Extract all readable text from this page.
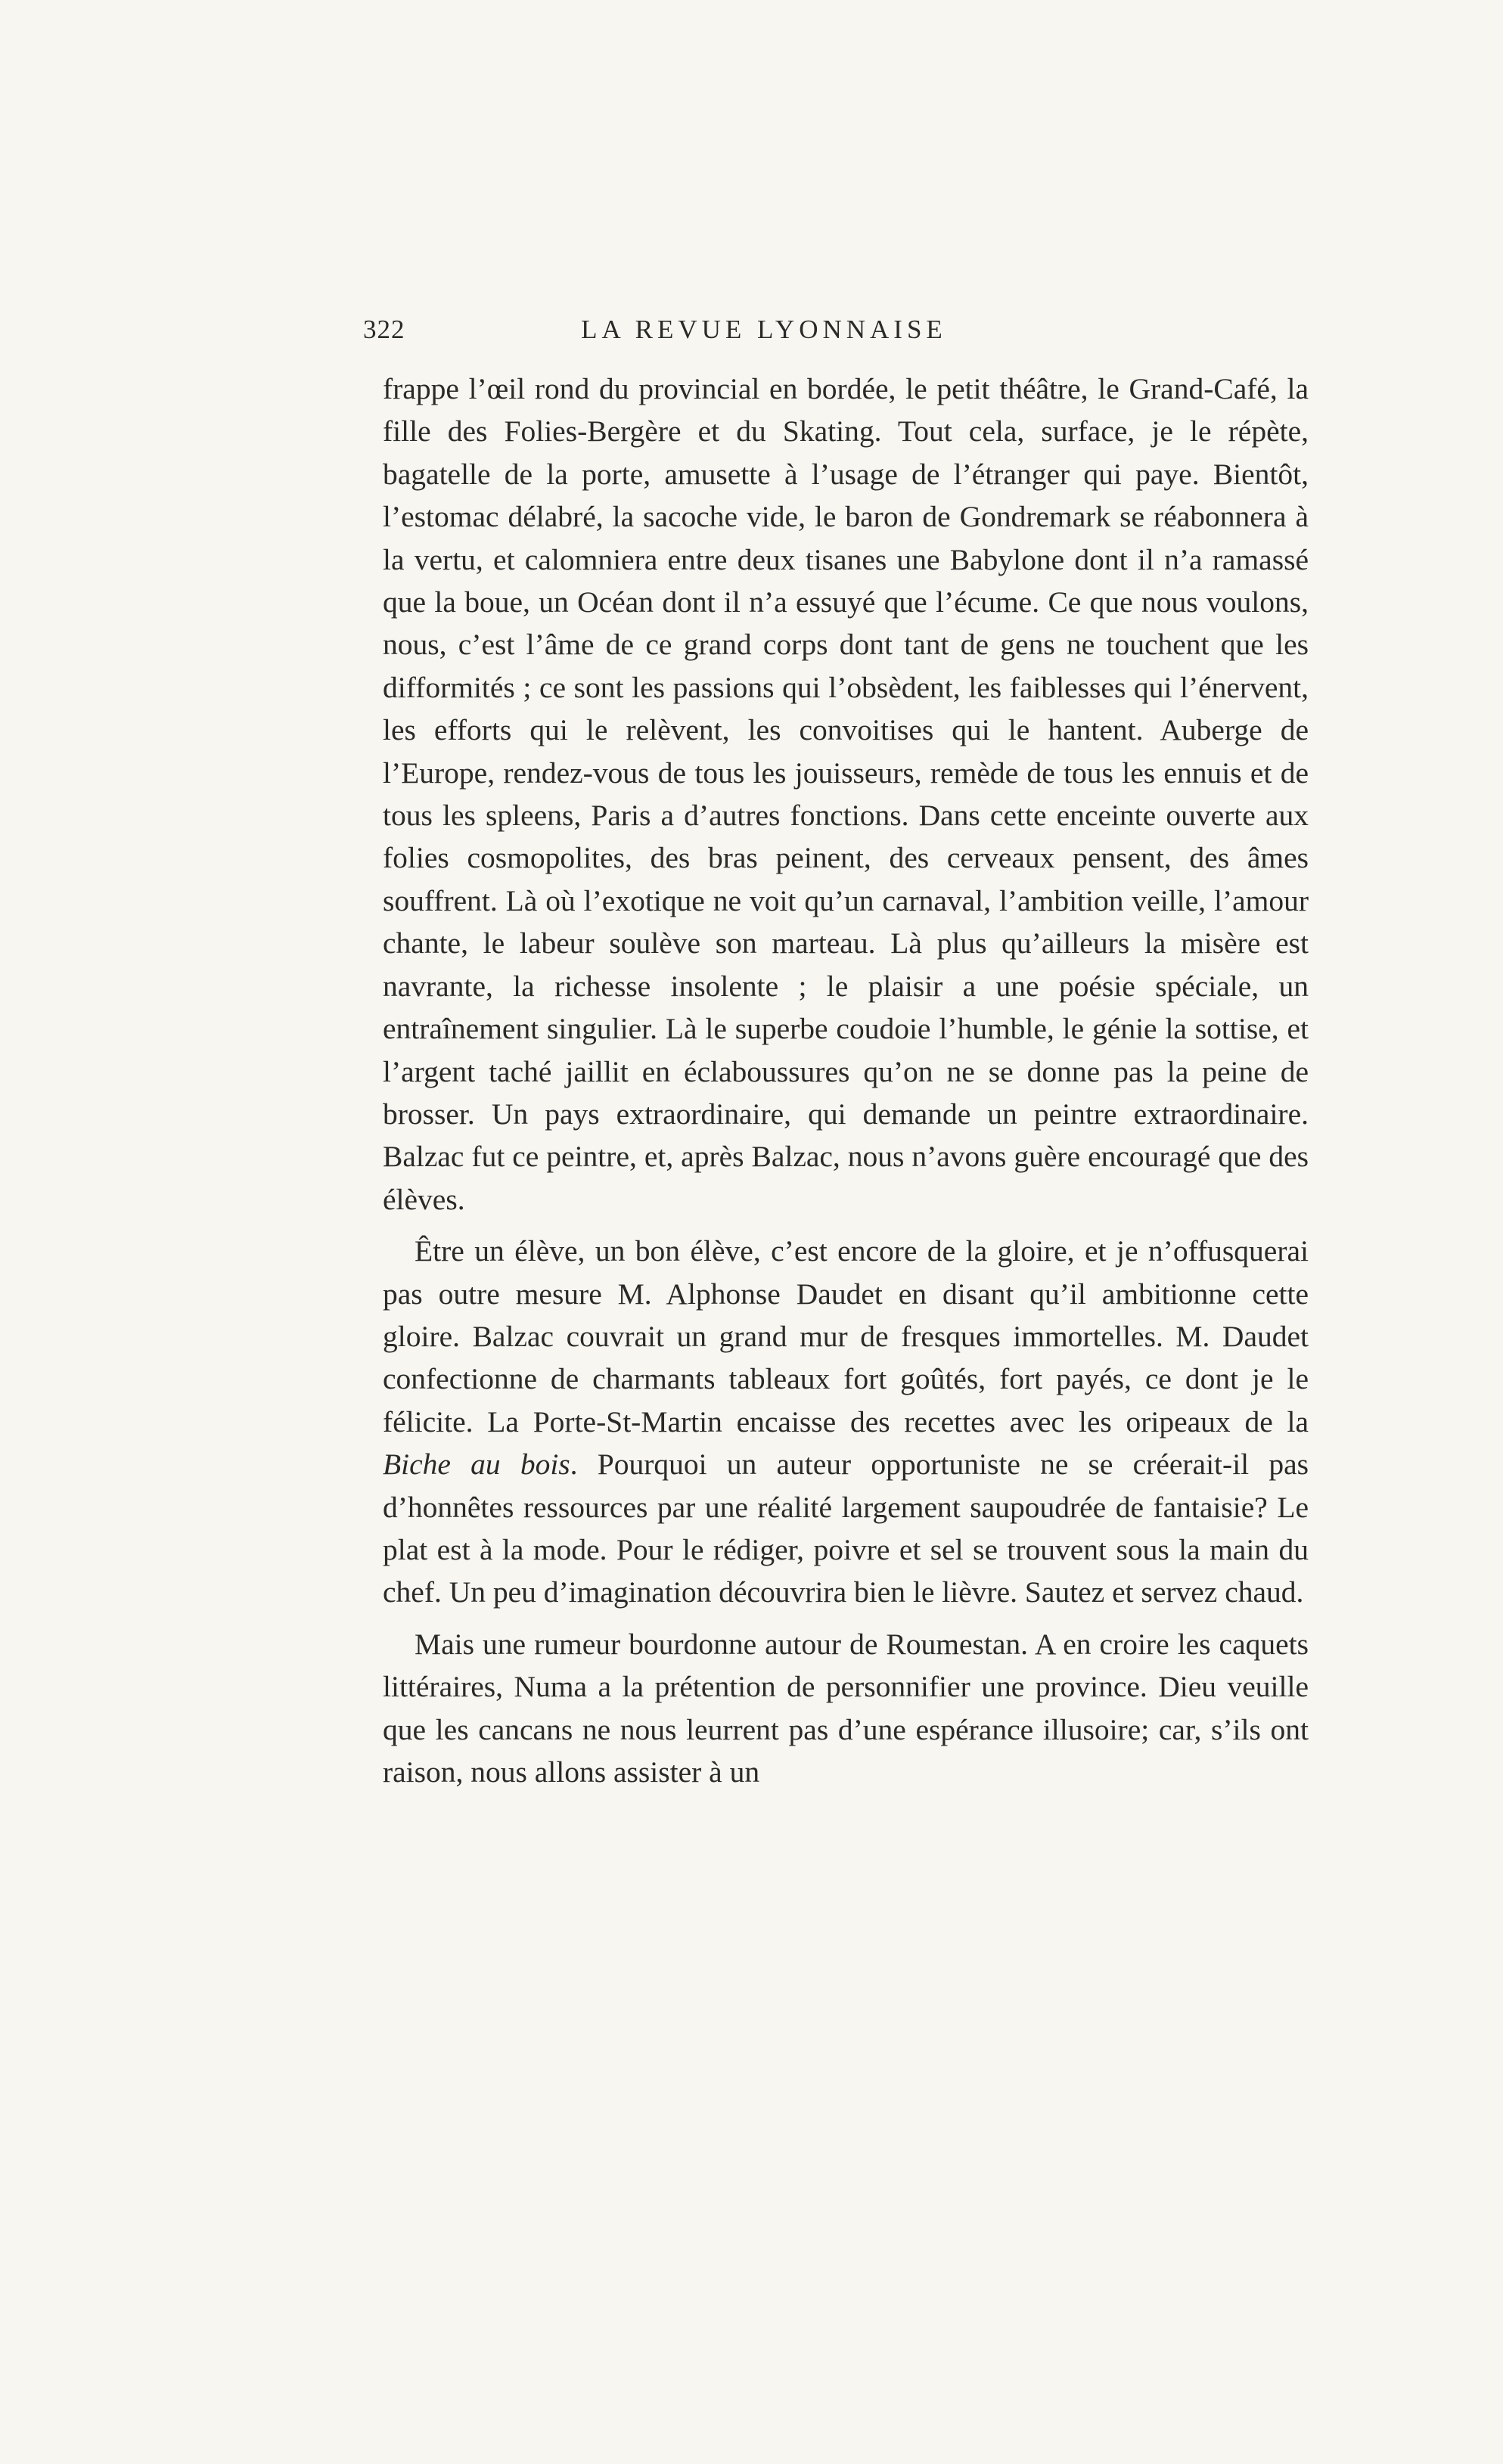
322	LA REVUE LYONNAISE

frappe l’œil rond du provincial en bordée, le petit théâtre, le Grand-Café, la fille des Folies-Bergère et du Skating. Tout cela, surface, je le répète, bagatelle de la porte, amusette à l’usage de l’étranger qui paye. Bientôt, l’estomac délabré, la sacoche vide, le baron de Gondremark se réabonnera à la vertu, et calomniera entre deux tisanes une Babylone dont il n’a ramassé que la boue, un Océan dont il n’a essuyé que l’écume. Ce que nous voulons, nous, c’est l’âme de ce grand corps dont tant de gens ne touchent que les difformités ; ce sont les passions qui l’obsèdent, les faiblesses qui l’énervent, les efforts qui le relèvent, les convoitises qui le hantent. Auberge de l’Europe, rendez-vous de tous les jouisseurs, remède de tous les ennuis et de tous les spleens, Paris a d’autres fonctions. Dans cette enceinte ouverte aux folies cosmopolites, des bras peinent, des cerveaux pensent, des âmes souffrent. Là où l’exotique ne voit qu’un carnaval, l’ambition veille, l’amour chante, le labeur soulève son marteau. Là plus qu’ailleurs la misère est navrante, la richesse insolente ; le plaisir a une poésie spéciale, un entraînement singulier. Là le superbe coudoie l’humble, le génie la sottise, et l’argent taché jaillit en éclaboussures qu’on ne se donne pas la peine de brosser. Un pays extraordinaire, qui demande un peintre extraordinaire. Balzac fut ce peintre, et, après Balzac, nous n’avons guère encouragé que des élèves.

Être un élève, un bon élève, c’est encore de la gloire, et je n’offusquerai pas outre mesure M. Alphonse Daudet en disant qu’il ambitionne cette gloire. Balzac couvrait un grand mur de fresques immortelles. M. Daudet confectionne de charmants tableaux fort goûtés, fort payés, ce dont je le félicite. La Porte-St-Martin encaisse des recettes avec les oripeaux de la Biche au bois. Pourquoi un auteur opportuniste ne se créerait-il pas d’honnêtes ressources par une réalité largement saupoudrée de fantaisie? Le plat est à la mode. Pour le rédiger, poivre et sel se trouvent sous la main du chef. Un peu d’imagination découvrira bien le lièvre. Sautez et servez chaud.

Mais une rumeur bourdonne autour de Roumestan. A en croire les caquets littéraires, Numa a la prétention de personnifier une province. Dieu veuille que les cancans ne nous leurrent pas d’une espérance illusoire; car, s’ils ont raison, nous allons assister à un
